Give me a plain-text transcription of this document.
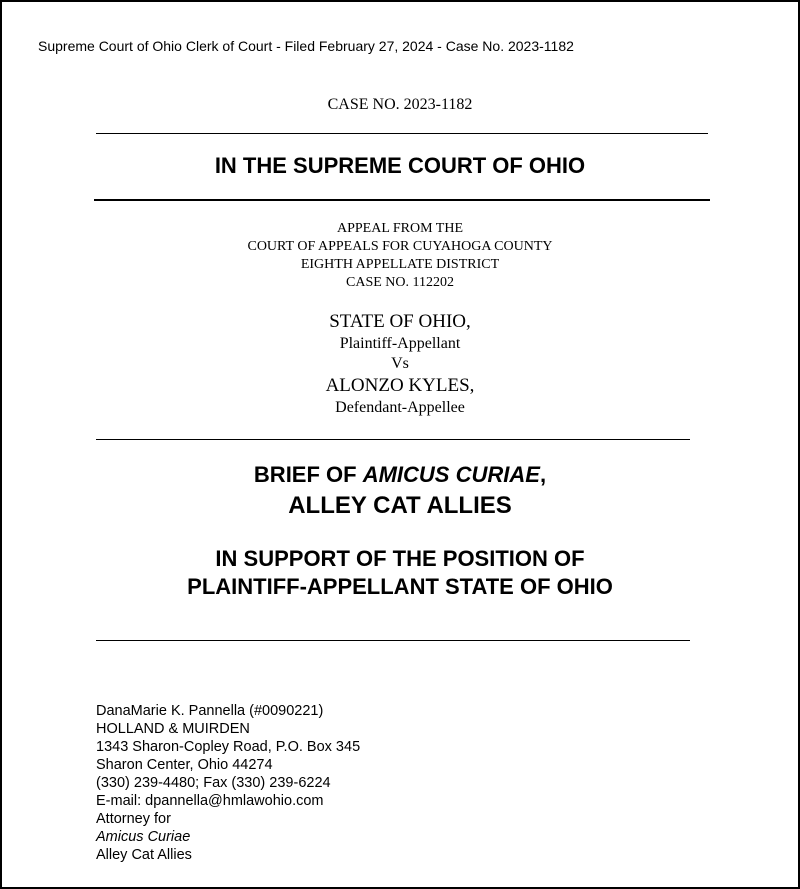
Supreme Court of Ohio Clerk of Court - Filed February 27, 2024 - Case No. 2023-1182
CASE NO. 2023-1182
IN THE SUPREME COURT OF OHIO
APPEAL FROM THE
COURT OF APPEALS FOR CUYAHOGA COUNTY
EIGHTH APPELLATE DISTRICT
CASE NO. 112202
STATE OF OHIO,
Plaintiff-Appellant
Vs
ALONZO KYLES,
Defendant-Appellee
BRIEF OF AMICUS CURIAE,
ALLEY CAT ALLIES
IN SUPPORT OF THE POSITION OF
PLAINTIFF-APPELLANT STATE OF OHIO
DanaMarie K. Pannella (#0090221)
HOLLAND & MUIRDEN
1343 Sharon-Copley Road, P.O. Box 345
Sharon Center, Ohio 44274
(330) 239-4480; Fax (330) 239-6224
E-mail: dpannella@hmlawohio.com
Attorney for
Amicus Curiae
Alley Cat Allies
